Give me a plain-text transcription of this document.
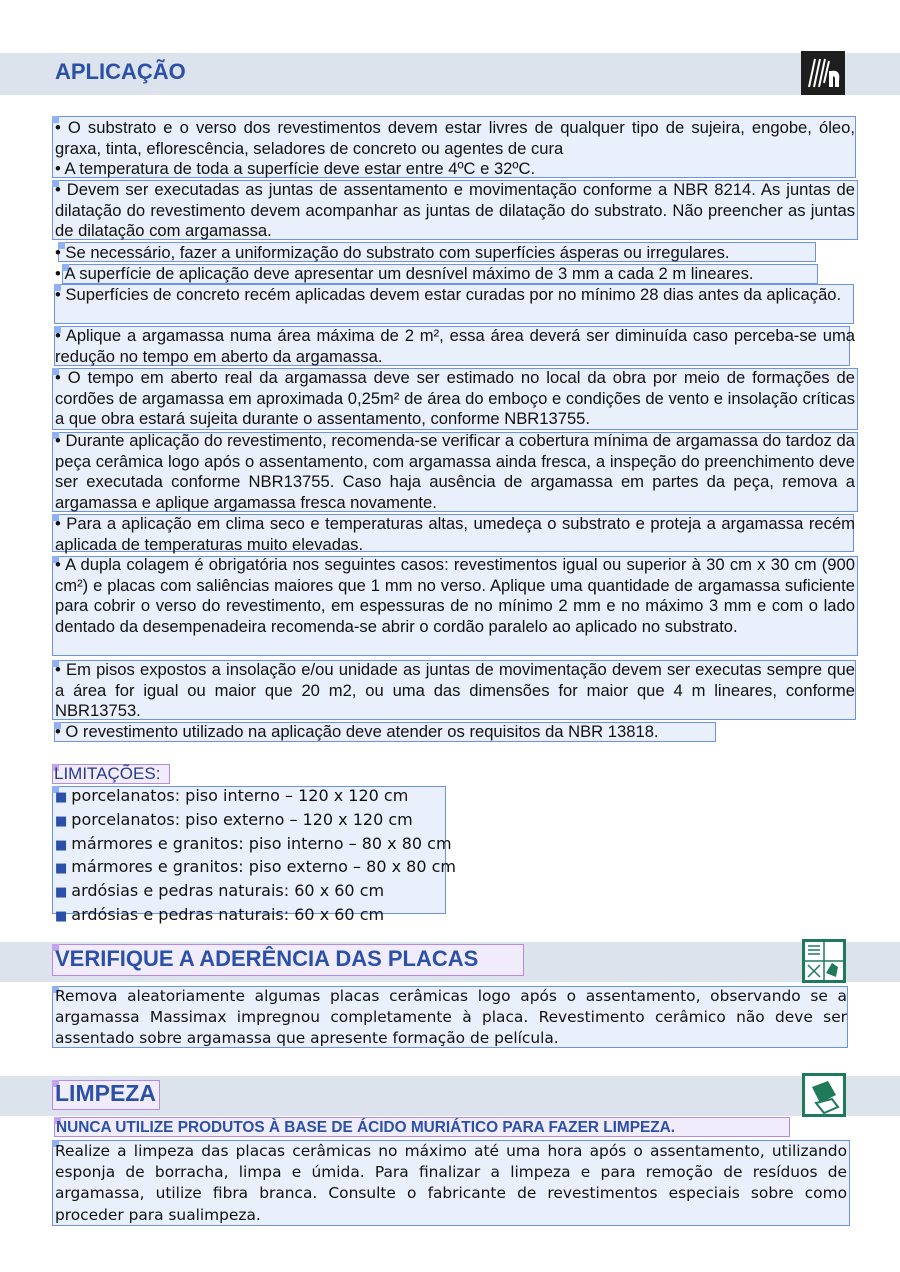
APLICAÇÃO

• O substrato e o verso dos revestimentos devem estar livres de qualquer tipo de sujeira, engobe, óleo, graxa, tinta, eflorescência, seladores de concreto ou agentes de cura

• A temperatura de toda a superfície deve estar entre 4ºC e 32ºC.

• Devem ser executadas as juntas de assentamento e movimentação conforme a NBR 8214. As juntas de dilatação do revestimento devem acompanhar as juntas de dilatação do substrato. Não preencher as juntas de dilatação com argamassa.

• Se necessário, fazer a uniformização do substrato com superfícies ásperas ou irregulares.

• A superfície de aplicação deve apresentar um desnível máximo de 3 mm a cada 2 m lineares.

• Superfícies de concreto recém aplicadas devem estar curadas por no mínimo 28 dias antes da aplicação.

• Aplique a argamassa numa área máxima de 2 m², essa área deverá ser diminuída caso perceba-se uma redução no tempo em aberto da argamassa.

• O tempo em aberto real da argamassa deve ser estimado no local da obra por meio de formações de cordões de argamassa em aproximada 0,25m² de área do emboço e condições de vento e insolação críticas a que obra estará sujeita durante o assentamento, conforme NBR13755.

• Durante aplicação do revestimento, recomenda-se verificar a cobertura mínima de argamassa do tardoz da peça cerâmica logo após o assentamento, com argamassa ainda fresca, a inspeção do preenchimento deve ser executada conforme NBR13755. Caso haja ausência de argamassa em partes da peça, remova a argamassa e aplique argamassa fresca novamente.

• Para a aplicação em clima seco e temperaturas altas, umedeça o substrato e proteja a argamassa recém aplicada de temperaturas muito elevadas.

• A dupla colagem é obrigatória nos seguintes casos: revestimentos igual ou superior à 30 cm x 30 cm (900 cm²) e placas com saliências maiores que 1 mm no verso. Aplique uma quantidade de argamassa suficiente para cobrir o verso do revestimento, em espessuras de no mínimo 2 mm e no máximo 3 mm e com o lado dentado da desempenadeira recomenda-se abrir o cordão paralelo ao aplicado no substrato.

• Em pisos expostos a insolação e/ou unidade as juntas de movimentação devem ser executas sempre que a área for igual ou maior que 20 m2, ou uma das dimensões for maior que 4 m lineares, conforme NBR13753.

• O revestimento utilizado na aplicação deve atender os requisitos da NBR 13818.

LIMITAÇÕES:

■ porcelanatos: piso interno – 120 x 120 cm
■ porcelanatos: piso externo – 120 x 120 cm
■ mármores e granitos: piso interno – 80 x 80 cm
■ mármores e granitos: piso externo – 80 x 80 cm
■ ardósias e pedras naturais: 60 x 60 cm
■ ardósias e pedras naturais: 60 x 60 cm
VERIFIQUE A ADERÊNCIA DAS PLACAS

Remova aleatoriamente algumas placas cerâmicas logo após o assentamento, observando se a argamassa Massimax impregnou completamente à placa. Revestimento cerâmico não deve ser assentado sobre argamassa que apresente formação de película.

LIMPEZA

NUNCA UTILIZE PRODUTOS À BASE DE ÁCIDO MURIÁTICO PARA FAZER LIMPEZA.

Realize a limpeza das placas cerâmicas no máximo até uma hora após o assentamento, utilizando esponja de borracha, limpa e úmida. Para finalizar a limpeza e para remoção de resíduos de argamassa, utilize fibra branca. Consulte o fabricante de revestimentos especiais sobre como proceder para sualimpeza.
